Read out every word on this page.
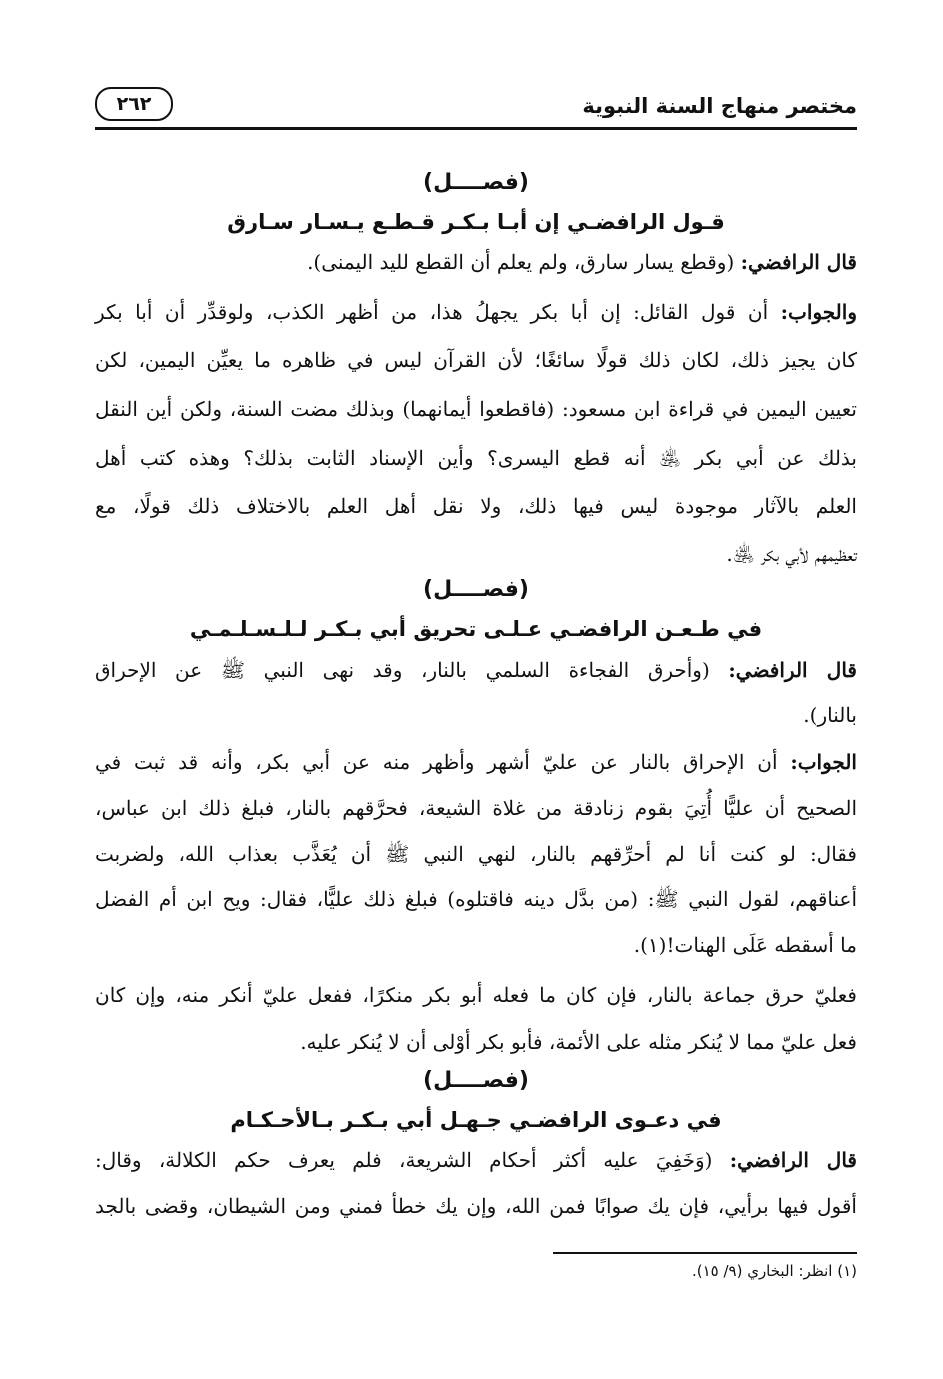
مختصر منهاج السنة النبوية
٢٦٢
(فصــــل)
قـول الرافضـي إن أبـا بـكـر قـطـع يـسـار سـارق
قال الرافضي: (وقطع يسار سارق، ولم يعلم أن القطع لليد اليمنى).
والجواب: أن قول القائل: إن أبا بكر يجهلُ هذا، من أظهر الكذب، ولوقدِّر أن أبا بكر
كان يجيز ذلك، لكان ذلك قولًا سائغًا؛ لأن القرآن ليس في ظاهره ما يعيِّن اليمين، لكن
تعيين اليمين في قراءة ابن مسعود: (فاقطعوا أيمانهما) وبذلك مضت السنة، ولكن أين النقل
بذلك عن أبي بكر ﵁ أنه قطع اليسرى؟ وأين الإسناد الثابت بذلك؟ وهذه كتب أهل
العلم بالآثار موجودة ليس فيها ذلك، ولا نقل أهل العلم بالاختلاف ذلك قولًا، مع
تعظيمهم لأبي بكر ﵁.
(فصــــل)
في طـعـن الرافضـي عـلـى تحريق أبي بـكـر لـلـسـلـمـي
قال الرافضي: (وأحرق الفجاءة السلمي بالنار، وقد نهى النبي ﷺ عن الإحراق
بالنار).
الجواب: أن الإحراق بالنار عن عليّ أشهر وأظهر منه عن أبي بكر، وأنه قد ثبت في
الصحيح أن عليًّا أُتِيَ بقوم زنادقة من غلاة الشيعة، فحرَّقهم بالنار، فبلغ ذلك ابن عباس،
فقال: لو كنت أنا لم أحرِّقهم بالنار، لنهي النبي ﷺ أن يُعَذَّب بعذاب الله، ولضربت
أعناقهم، لقول النبي ﷺ: (من بدَّل دينه فاقتلوه) فبلغ ذلك عليًّا، فقال: ويح ابن أم الفضل
ما أسقطه عَلَى الهنات!(١).
فعليّ حرق جماعة بالنار، فإن كان ما فعله أبو بكر منكرًا، ففعل عليّ أنكر منه، وإن كان
فعل عليّ مما لا يُنكر مثله على الأئمة، فأبو بكر أوْلى أن لا يُنكر عليه.
(فصــــل)
في دعـوى الرافضـي جـهـل أبي بـكـر بـالأحـكـام
قال الرافضي: (وَخَفِيَ عليه أكثر أحكام الشريعة، فلم يعرف حكم الكلالة، وقال:
أقول فيها برأيي، فإن يك صوابًا فمن الله، وإن يك خطأ فمني ومن الشيطان، وقضى بالجد
(١) انظر: البخاري (٩/ ١٥).
